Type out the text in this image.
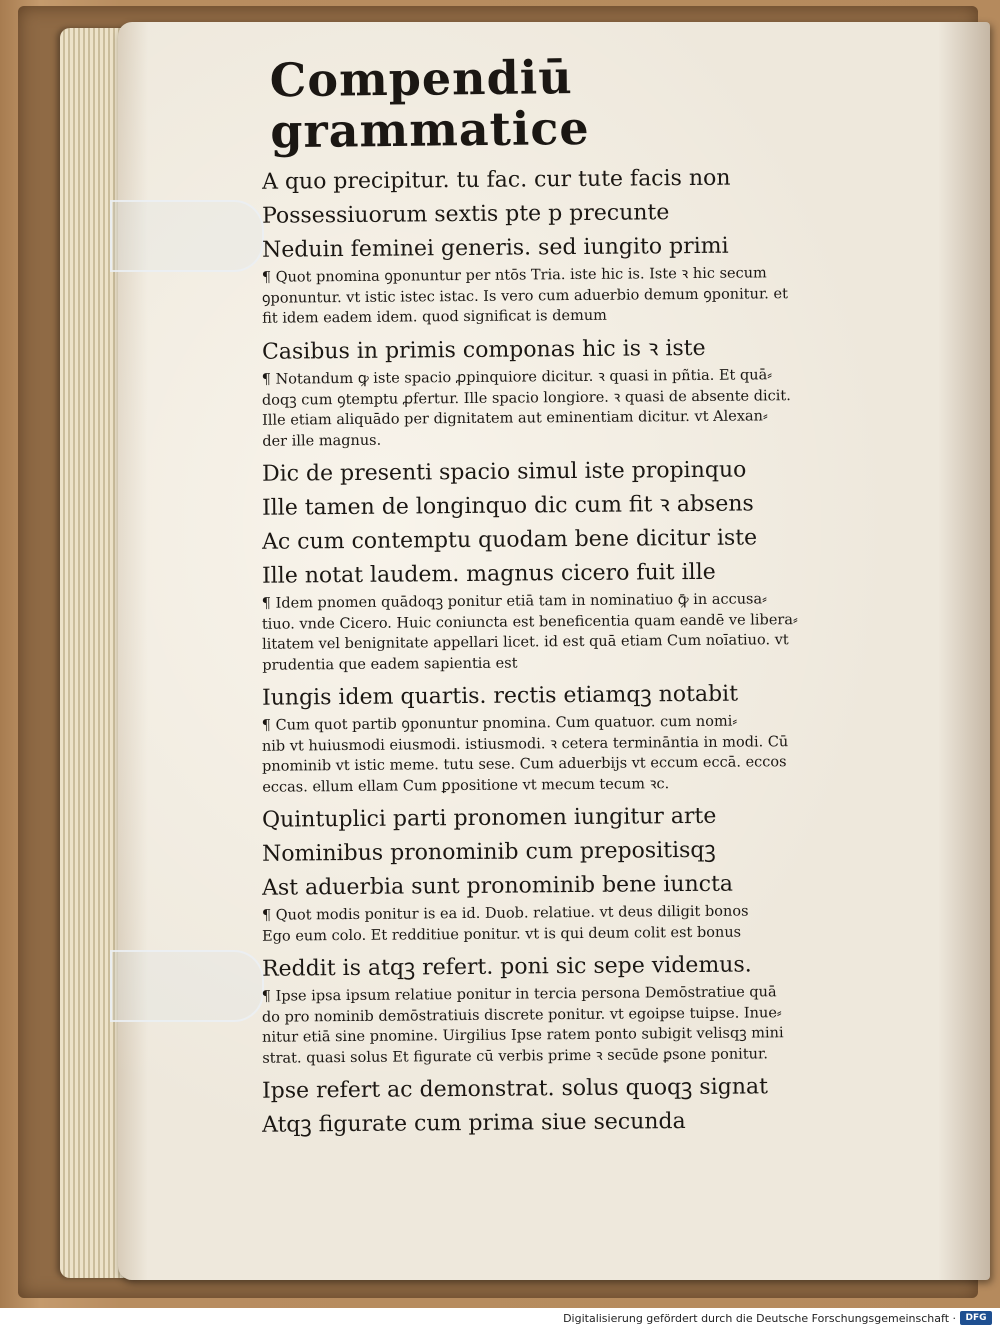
Compendiū grammatice
A quo precipitur. tu fac. cur tute facis non
Possessiuorum sextis pte p precunte
Neduin feminei generis. sed iungito primi
¶ Quot pnomina ꝯponuntur per ntōs Tria. iste hic is. Iste ꝛ hic secum
ꝯponuntur. vt istic istec istac. Is vero cum aduerbio demum ꝯponitur. et
fit idem eadem idem. quod significat is demum
Casibus in primis componas hic is ꝛ iste
¶ Notandum ꝙ iste spacio ꝓpinquiore dicitur. ꝛ quasi in pñtia. Et quā⸗
doqꝫ cum ꝯtemptu ꝓfertur. Ille spacio longiore. ꝛ quasi de absente dicit.
Ille etiam aliquādo per dignitatem aut eminentiam dicitur. vt Alexan⸗
der ille magnus.
Dic de presenti spacio simul iste propinquo
Ille tamen de longinquo dic cum fit ꝛ absens
Ac cum contemptu quodam bene dicitur iste
Ille notat laudem. magnus cicero fuit ille
¶ Idem pnomen quādoqꝫ ponitur etiā tam in nominatiuo ꝙ̄ in accusa⸗
tiuo. vnde Cicero. Huic coniuncta est beneficentia quam eandē ve libera⸗
litatem vel benignitate appellari licet. id est quā etiam Cum noīatiuo. vt
prudentia que eadem sapientia est
Iungis idem quartis. rectis etiamqꝫ notabit
¶ Cum quot partib ꝯponuntur pnomina. Cum quatuor. cum nomi⸗
nib vt huiusmodi eiusmodi. istiusmodi. ꝛ cetera termināntia in modi. Cū
pnominib vt istic meme. tutu sese. Cum aduerbijs vt eccum eccā. eccos
eccas. ellum ellam Cum ꝑpositione vt mecum tecum ꝛc.
Quintuplici parti pronomen iungitur arte
Nominibus pronominib cum prepositisqꝫ
Ast aduerbia sunt pronominib bene iuncta
¶ Quot modis ponitur is ea id. Duob. relatiue. vt deus diligit bonos
Ego eum colo. Et redditiue ponitur. vt is qui deum colit est bonus
Reddit is atqꝫ refert. poni sic sepe videmus.
¶ Ipse ipsa ipsum relatiue ponitur in tercia persona Demōstratiue quā
do pro nominib demōstratiuis discrete ponitur. vt egoipse tuipse. Inue⸗
nitur etiā sine pnomine. Uirgilius Ipse ratem ponto subigit velisqꝫ mini
strat. quasi solus Et figurate cū verbis prime ꝛ secūde ꝑsone ponitur.
Ipse refert ac demonstrat. solus quoqꝫ signat
Atqꝫ figurate cum prima siue secunda
Digitalisierung gefördert durch die Deutsche Forschungsgemeinschaft ·	DFG
